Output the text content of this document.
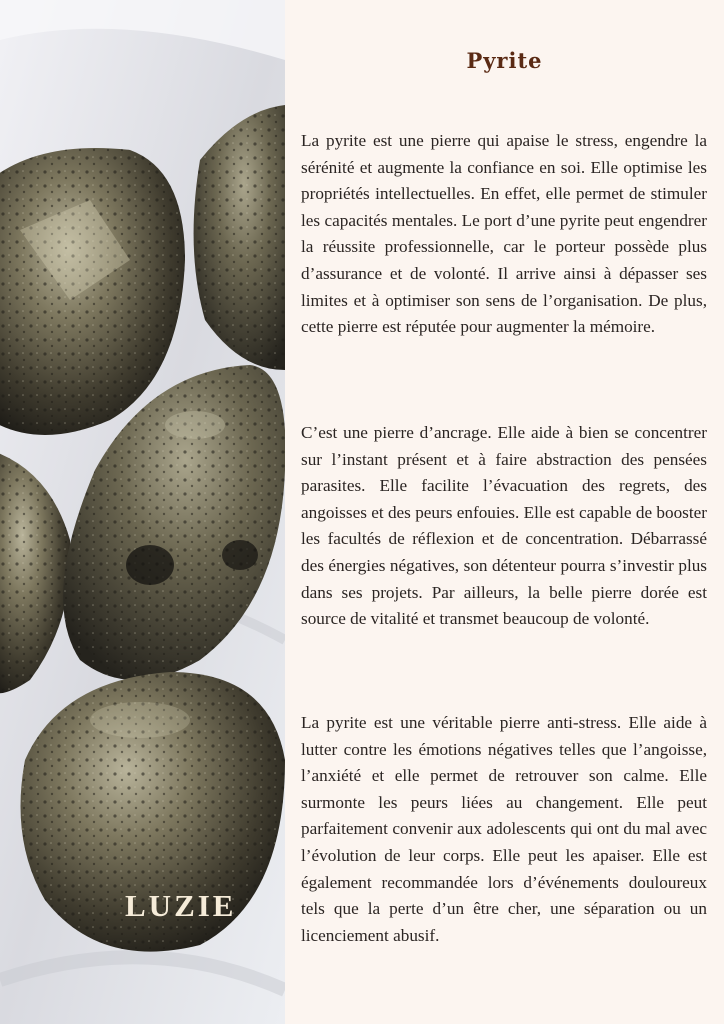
LUZIE
Pyrite

La pyrite est une pierre qui apaise le stress, engendre la sérénité et augmente la confiance en soi. Elle optimise les propriétés intellectuelles. En effet, elle permet de stimuler les capacités mentales. Le port d’une pyrite peut engendrer la réussite professionnelle, car le porteur possède plus d’assurance et de volonté. Il arrive ainsi à dépasser ses limites et à optimiser son sens de l’organisation. De plus, cette pierre est réputée pour augmenter la mémoire.

C’est une pierre d’ancrage. Elle aide à bien se concentrer sur l’instant présent et à faire abstraction des pensées parasites. Elle facilite l’évacuation des regrets, des angoisses et des peurs enfouies. Elle est capable de booster les facultés de réflexion et de concentration. Débarrassé des énergies négatives, son détenteur pourra s’investir plus dans ses projets. Par ailleurs, la belle pierre dorée est source de vitalité et transmet beaucoup de volonté.

La pyrite est une véritable pierre anti-stress. Elle aide à lutter contre les émotions négatives telles que l’angoisse, l’anxiété et elle permet de retrouver son calme. Elle surmonte les peurs liées au changement. Elle peut parfaitement convenir aux adolescents qui ont du mal avec l’évolution de leur corps. Elle peut les apaiser. Elle est également recommandée lors d’événements douloureux tels que la perte d’un être cher, une séparation ou un licenciement abusif.
